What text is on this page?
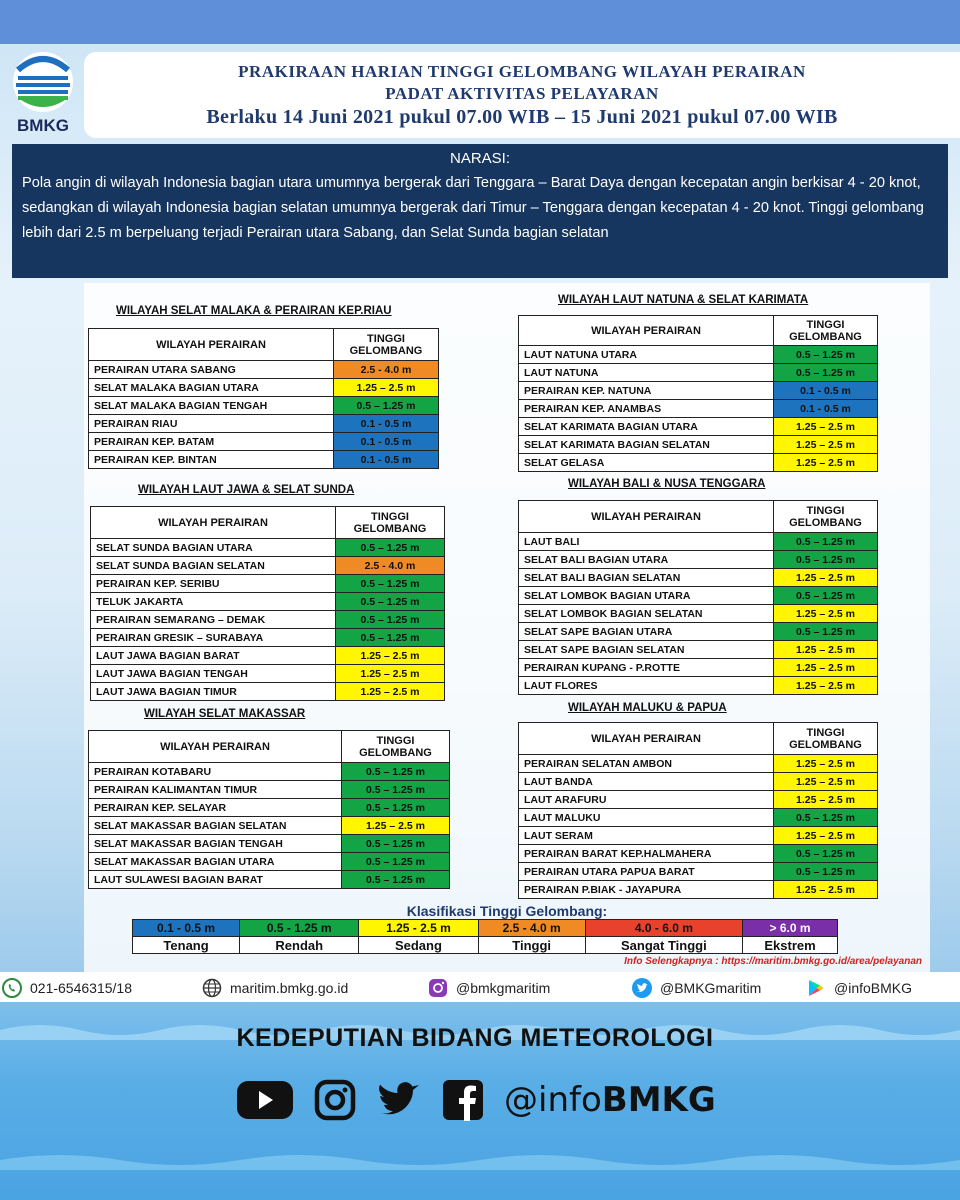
BMKG
PRAKIRAAN HARIAN TINGGI GELOMBANG WILAYAH PERAIRAN
PADAT AKTIVITAS PELAYARAN
Berlaku 14 Juni 2021 pukul 07.00 WIB – 15 Juni 2021 pukul 07.00 WIB
NARASI:
Pola angin di wilayah Indonesia bagian utara umumnya bergerak dari Tenggara – Barat Daya dengan kecepatan angin berkisar 4 - 20 knot, sedangkan di wilayah Indonesia bagian selatan umumnya bergerak dari Timur – Tenggara dengan kecepatan 4 - 20 knot. Tinggi gelombang lebih dari 2.5 m berpeluang terjadi Perairan utara Sabang, dan Selat Sunda bagian selatan
WILAYAH SELAT MALAKA & PERAIRAN KEP.RIAU
WILAYAH PERAIRAN	TINGGI
GELOMBANG
PERAIRAN UTARA SABANG	2.5 - 4.0 m
SELAT MALAKA BAGIAN UTARA	1.25 – 2.5 m
SELAT MALAKA BAGIAN TENGAH	0.5 – 1.25 m
PERAIRAN RIAU	0.1 - 0.5 m
PERAIRAN KEP. BATAM	0.1 - 0.5 m
PERAIRAN KEP. BINTAN	0.1 - 0.5 m
WILAYAH LAUT JAWA & SELAT SUNDA
WILAYAH PERAIRAN	TINGGI
GELOMBANG
SELAT SUNDA BAGIAN UTARA	0.5 – 1.25 m
SELAT SUNDA BAGIAN SELATAN	2.5 - 4.0 m
PERAIRAN KEP. SERIBU	0.5 – 1.25 m
TELUK JAKARTA	0.5 – 1.25 m
PERAIRAN SEMARANG – DEMAK	0.5 – 1.25 m
PERAIRAN GRESIK – SURABAYA	0.5 – 1.25 m
LAUT JAWA BAGIAN BARAT	1.25 – 2.5 m
LAUT JAWA BAGIAN TENGAH	1.25 – 2.5 m
LAUT JAWA BAGIAN TIMUR	1.25 – 2.5 m
WILAYAH SELAT MAKASSAR
WILAYAH PERAIRAN	TINGGI
GELOMBANG
PERAIRAN KOTABARU	0.5 – 1.25 m
PERAIRAN KALIMANTAN TIMUR	0.5 – 1.25 m
PERAIRAN KEP. SELAYAR	0.5 – 1.25 m
SELAT MAKASSAR BAGIAN SELATAN	1.25 – 2.5 m
SELAT MAKASSAR BAGIAN TENGAH	0.5 – 1.25 m
SELAT MAKASSAR BAGIAN UTARA	0.5 – 1.25 m
LAUT SULAWESI BAGIAN BARAT	0.5 – 1.25 m
WILAYAH LAUT NATUNA & SELAT KARIMATA
WILAYAH PERAIRAN	TINGGI
GELOMBANG
LAUT NATUNA UTARA	0.5 – 1.25 m
LAUT NATUNA	0.5 – 1.25 m
PERAIRAN KEP. NATUNA	0.1 - 0.5 m
PERAIRAN KEP. ANAMBAS	0.1 - 0.5 m
SELAT KARIMATA BAGIAN UTARA	1.25 – 2.5 m
SELAT KARIMATA BAGIAN SELATAN	1.25 – 2.5 m
SELAT GELASA	1.25 – 2.5 m
WILAYAH BALI & NUSA TENGGARA
WILAYAH PERAIRAN	TINGGI
GELOMBANG
LAUT BALI	0.5 – 1.25 m
SELAT BALI BAGIAN UTARA	0.5 – 1.25 m
SELAT BALI BAGIAN SELATAN	1.25 – 2.5 m
SELAT LOMBOK BAGIAN UTARA	0.5 – 1.25 m
SELAT LOMBOK BAGIAN SELATAN	1.25 – 2.5 m
SELAT SAPE BAGIAN UTARA	0.5 – 1.25 m
SELAT SAPE BAGIAN SELATAN	1.25 – 2.5 m
PERAIRAN KUPANG - P.ROTTE	1.25 – 2.5 m
LAUT FLORES	1.25 – 2.5 m
WILAYAH MALUKU & PAPUA
WILAYAH PERAIRAN	TINGGI
GELOMBANG
PERAIRAN SELATAN AMBON	1.25 – 2.5 m
LAUT BANDA	1.25 – 2.5 m
LAUT ARAFURU	1.25 – 2.5 m
LAUT MALUKU	0.5 – 1.25 m
LAUT SERAM	1.25 – 2.5 m
PERAIRAN BARAT KEP.HALMAHERA	0.5 – 1.25 m
PERAIRAN UTARA PAPUA BARAT	0.5 – 1.25 m
PERAIRAN P.BIAK - JAYAPURA	1.25 – 2.5 m
Klasifikasi Tinggi Gelombang:
0.1 - 0.5 m	0.5 - 1.25 m	1.25 - 2.5 m	2.5 - 4.0 m	4.0 - 6.0 m	> 6.0 m
Tenang	Rendah	Sedang	Tinggi	Sangat Tinggi	Ekstrem
Info Selengkapnya : https://maritim.bmkg.go.id/area/pelayanan
021-6546315/18	maritim.bmkg.go.id	@bmkgmaritim	@BMKGmaritim	@infoBMKG
KEDEPUTIAN BIDANG METEOROLOGI
@infoBMKG
